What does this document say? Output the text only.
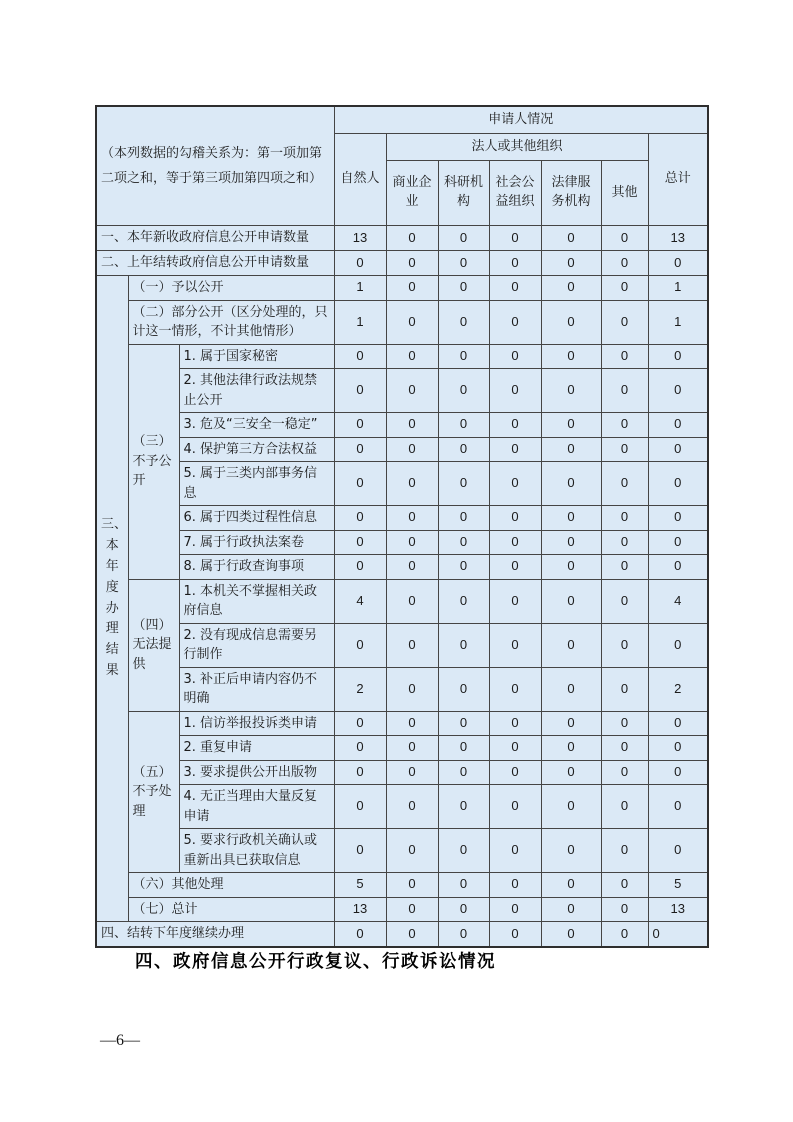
（本列数据的勾稽关系为：第一项加第二项之和，等于第三项加第四项之和）			申请人情况						
			自然人	法人或其他组织					总计
				商业企业	科研机构	社会公益组织	法律服务机构	其他	
一、本年新收政府信息公开申请数量			13	0	0	0	0	0	13
二、上年结转政府信息公开申请数量			0	0	0	0	0	0	0
三、本年度办理结果	（一）予以公开		1	0	0	0	0	0	1
	（二）部分公开（区分处理的，只计这一情形，不计其他情形）		1	0	0	0	0	0	1
	（三）不予公开	1. 属于国家秘密	0	0	0	0	0	0	0
		2. 其他法律行政法规禁止公开	0	0	0	0	0	0	0
		3. 危及“三安全一稳定”	0	0	0	0	0	0	0
		4. 保护第三方合法权益	0	0	0	0	0	0	0
		5. 属于三类内部事务信息	0	0	0	0	0	0	0
		6. 属于四类过程性信息	0	0	0	0	0	0	0
		7. 属于行政执法案卷	0	0	0	0	0	0	0
		8. 属于行政查询事项	0	0	0	0	0	0	0
	（四）无法提供	1. 本机关不掌握相关政府信息	4	0	0	0	0	0	4
		2. 没有现成信息需要另行制作	0	0	0	0	0	0	0
		3. 补正后申请内容仍不明确	2	0	0	0	0	0	2
	（五）不予处理	1. 信访举报投诉类申请	0	0	0	0	0	0	0
		2. 重复申请	0	0	0	0	0	0	0
		3. 要求提供公开出版物	0	0	0	0	0	0	0
		4. 无正当理由大量反复申请	0	0	0	0	0	0	0
		5. 要求行政机关确认或重新出具已获取信息	0	0	0	0	0	0	0
	（六）其他处理		5	0	0	0	0	0	5
	（七）总计		13	0	0	0	0	0	13
四、结转下年度继续办理			0	0	0	0	0	0	0
四、政府信息公开行政复议、行政诉讼情况
—6—
